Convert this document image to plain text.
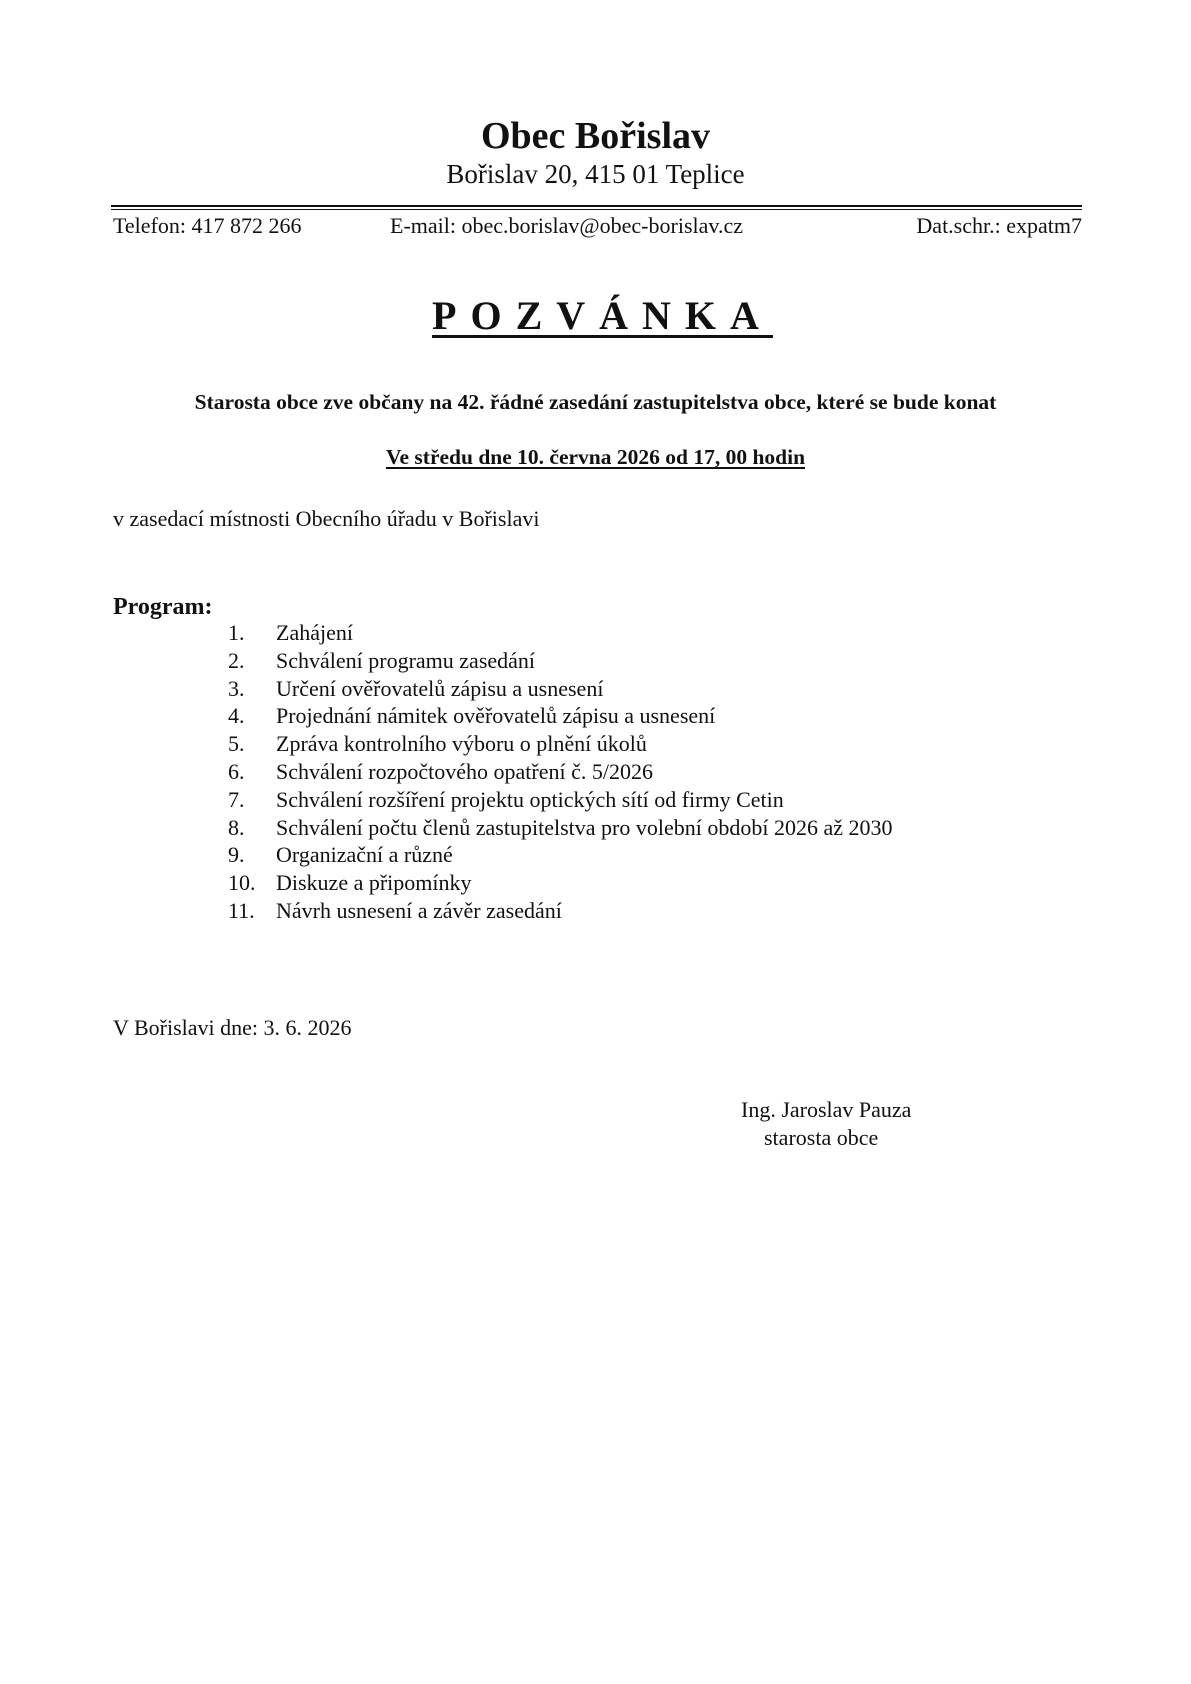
Obec Bořislav
Bořislav 20, 415 01 Teplice
Telefon: 417 872 266	E-mail: obec.borislav@obec-borislav.cz	Dat.schr.: expatm7
POZVÁNKA
Starosta obce zve občany na 42. řádné zasedání zastupitelstva obce, které se bude konat
Ve středu dne 10. června 2026 od 17, 00 hodin
v zasedací místnosti Obecního úřadu v Bořislavi
Program:
1. Zahájení
2. Schválení programu zasedání
3. Určení ověřovatelů zápisu a usnesení
4. Projednání námitek ověřovatelů zápisu a usnesení
5. Zpráva kontrolního výboru o plnění úkolů
6. Schválení rozpočtového opatření č. 5/2026
7. Schválení rozšíření projektu optických sítí od firmy Cetin
8. Schválení počtu členů zastupitelstva pro volební období 2026 až 2030
9. Organizační a různé
10. Diskuze a připomínky
11. Návrh usnesení a závěr zasedání
V Bořislavi dne: 3. 6. 2026
Ing. Jaroslav Pauza
starosta obce
